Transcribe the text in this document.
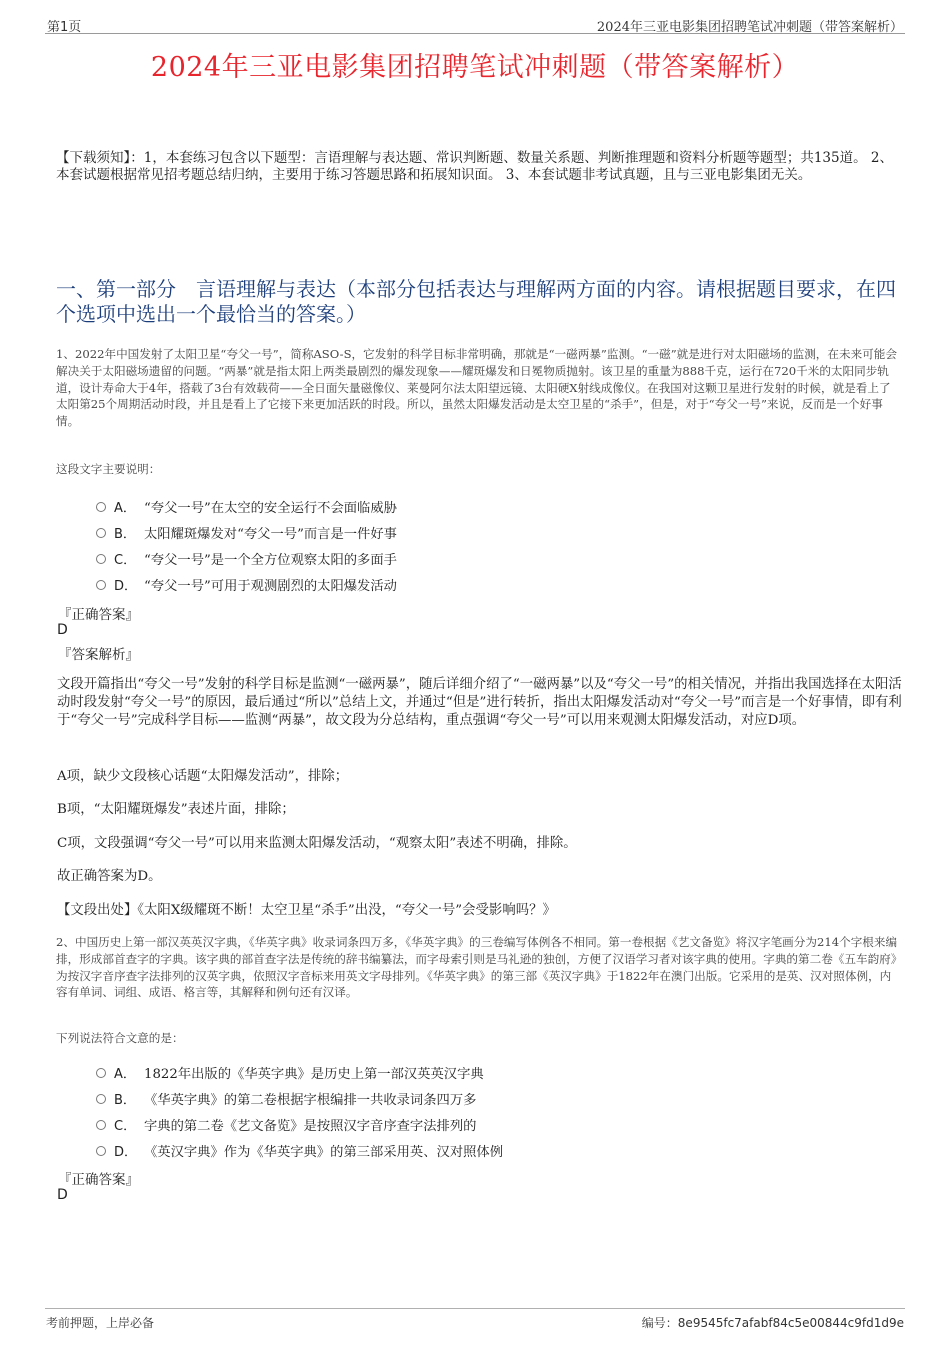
第1页	2024年三亚电影集团招聘笔试冲刺题（带答案解析）
2024年三亚电影集团招聘笔试冲刺题（带答案解析）
【下载须知】：1，本套练习包含以下题型：言语理解与表达题、常识判断题、数量关系题、判断推理题和资料分析题等题型；共135道。 2、本套试题根据常见招考题总结归纳，主要用于练习答题思路和拓展知识面。 3、本套试题非考试真题，且与三亚电影集团无关。
一、第一部分　言语理解与表达（本部分包括表达与理解两方面的内容。请根据题目要求，在四个选项中选出一个最恰当的答案。）
1、2022年中国发射了太阳卫星“夸父一号”，简称ASO-S，它发射的科学目标非常明确，那就是“一磁两暴”监测。“一磁”就是进行对太阳磁场的监测，在未来可能会解决关于太阳磁场遗留的问题。“两暴”就是指太阳上两类最剧烈的爆发现象——耀斑爆发和日冕物质抛射。该卫星的重量为888千克，运行在720千米的太阳同步轨道，设计寿命大于4年，搭载了3台有效载荷——全日面矢量磁像仪、莱曼阿尔法太阳望远镜、太阳硬X射线成像仪。在我国对这颗卫星进行发射的时候，就是看上了太阳第25个周期活动时段，并且是看上了它接下来更加活跃的时段。所以，虽然太阳爆发活动是太空卫星的“杀手”，但是，对于“夸父一号”来说，反而是一个好事情。
这段文字主要说明：
A． “夸父一号”在太空的安全运行不会面临威胁
B． 太阳耀斑爆发对“夸父一号”而言是一件好事
C． “夸父一号”是一个全方位观察太阳的多面手
D． “夸父一号”可用于观测剧烈的太阳爆发活动
『正确答案』
D
『答案解析』
文段开篇指出“夸父一号”发射的科学目标是监测“一磁两暴”，随后详细介绍了“一磁两暴”以及“夸父一号”的相关情况，并指出我国选择在太阳活动时段发射“夸父一号”的原因，最后通过“所以”总结上文，并通过“但是”进行转折，指出太阳爆发活动对“夸父一号”而言是一个好事情，即有利于“夸父一号”完成科学目标——监测“两暴”，故文段为分总结构，重点强调“夸父一号”可以用来观测太阳爆发活动，对应D项。
A项，缺少文段核心话题“太阳爆发活动”，排除；
B项，“太阳耀斑爆发”表述片面，排除；
C项，文段强调“夸父一号”可以用来监测太阳爆发活动，“观察太阳”表述不明确，排除。
故正确答案为D。
【文段出处】《太阳X级耀斑不断！太空卫星“杀手”出没，“夸父一号”会受影响吗？》
2、中国历史上第一部汉英英汉字典，《华英字典》收录词条四万多，《华英字典》的三卷编写体例各不相同。第一卷根据《艺文备览》将汉字笔画分为214个字根来编排，形成部首查字的字典。该字典的部首查字法是传统的辞书编纂法，而字母索引则是马礼逊的独创，方便了汉语学习者对该字典的使用。字典的第二卷《五车韵府》为按汉字音序查字法排列的汉英字典，依照汉字音标来用英文字母排列。《华英字典》的第三部《英汉字典》于1822年在澳门出版。它采用的是英、汉对照体例，内容有单词、词组、成语、格言等，其解释和例句还有汉译。
下列说法符合文意的是：
A． 1822年出版的《华英字典》是历史上第一部汉英英汉字典
B． 《华英字典》的第二卷根据字根编排一共收录词条四万多
C． 字典的第二卷《艺文备览》是按照汉字音序查字法排列的
D． 《英汉字典》作为《华英字典》的第三部采用英、汉对照体例
『正确答案』
D
考前押题，上岸必备	编号：8e9545fc7afabf84c5e00844c9fd1d9e
